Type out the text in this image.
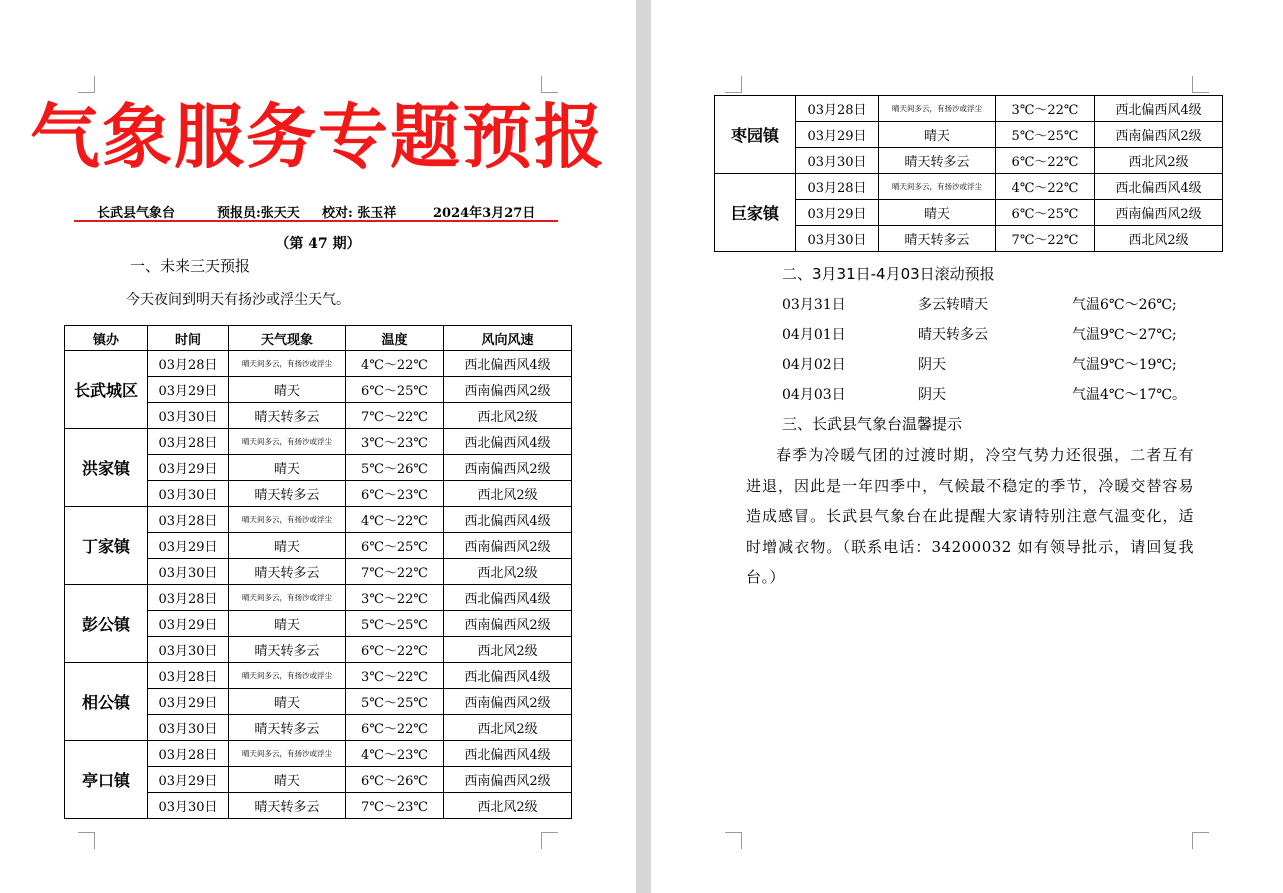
气象服务专题预报
长武县气象台	预报员:张天天 校对: 张玉祥	2024年3月27日
（第 47 期）
一、未来三天预报
今天夜间到明天有扬沙或浮尘天气。
镇办	时间	天气现象	温度	风向风速
长武城区	03月28日	晴天间多云，有扬沙或浮尘	4℃～22℃	西北偏西风4级
	03月29日	晴天	6℃～25℃	西南偏西风2级
	03月30日	晴天转多云	7℃～22℃	西北风2级
洪家镇	03月28日	晴天间多云，有扬沙或浮尘	3℃～23℃	西北偏西风4级
	03月29日	晴天	5℃～26℃	西南偏西风2级
	03月30日	晴天转多云	6℃～23℃	西北风2级
丁家镇	03月28日	晴天间多云，有扬沙或浮尘	4℃～22℃	西北偏西风4级
	03月29日	晴天	6℃～25℃	西南偏西风2级
	03月30日	晴天转多云	7℃～22℃	西北风2级
彭公镇	03月28日	晴天间多云，有扬沙或浮尘	3℃～22℃	西北偏西风4级
	03月29日	晴天	5℃～25℃	西南偏西风2级
	03月30日	晴天转多云	6℃～22℃	西北风2级
相公镇	03月28日	晴天间多云，有扬沙或浮尘	3℃～22℃	西北偏西风4级
	03月29日	晴天	5℃～25℃	西南偏西风2级
	03月30日	晴天转多云	6℃～22℃	西北风2级
亭口镇	03月28日	晴天间多云，有扬沙或浮尘	4℃～23℃	西北偏西风4级
	03月29日	晴天	6℃～26℃	西南偏西风2级
	03月30日	晴天转多云	7℃～23℃	西北风2级
枣园镇	03月28日	晴天间多云，有扬沙或浮尘	3℃～22℃	西北偏西风4级
	03月29日	晴天	5℃～25℃	西南偏西风2级
	03月30日	晴天转多云	6℃～22℃	西北风2级
巨家镇	03月28日	晴天间多云，有扬沙或浮尘	4℃～22℃	西北偏西风4级
	03月29日	晴天	6℃～25℃	西南偏西风2级
	03月30日	晴天转多云	7℃～22℃	西北风2级
二、3月31日-4月03日滚动预报
03月31日	多云转晴天	气温6℃～26℃;
04月01日	晴天转多云	气温9℃～27℃;
04月02日	阴天	气温9℃～19℃;
04月03日	阴天	气温4℃～17℃。
三、长武县气象台温馨提示

春季为冷暖气团的过渡时期，冷空气势力还很强，二者互有进退，因此是一年四季中，气候最不稳定的季节，冷暖交替容易造成感冒。长武县气象台在此提醒大家请特别注意气温变化，适时增减衣物。（联系电话：34200032 如有领导批示，请回复我台。）
